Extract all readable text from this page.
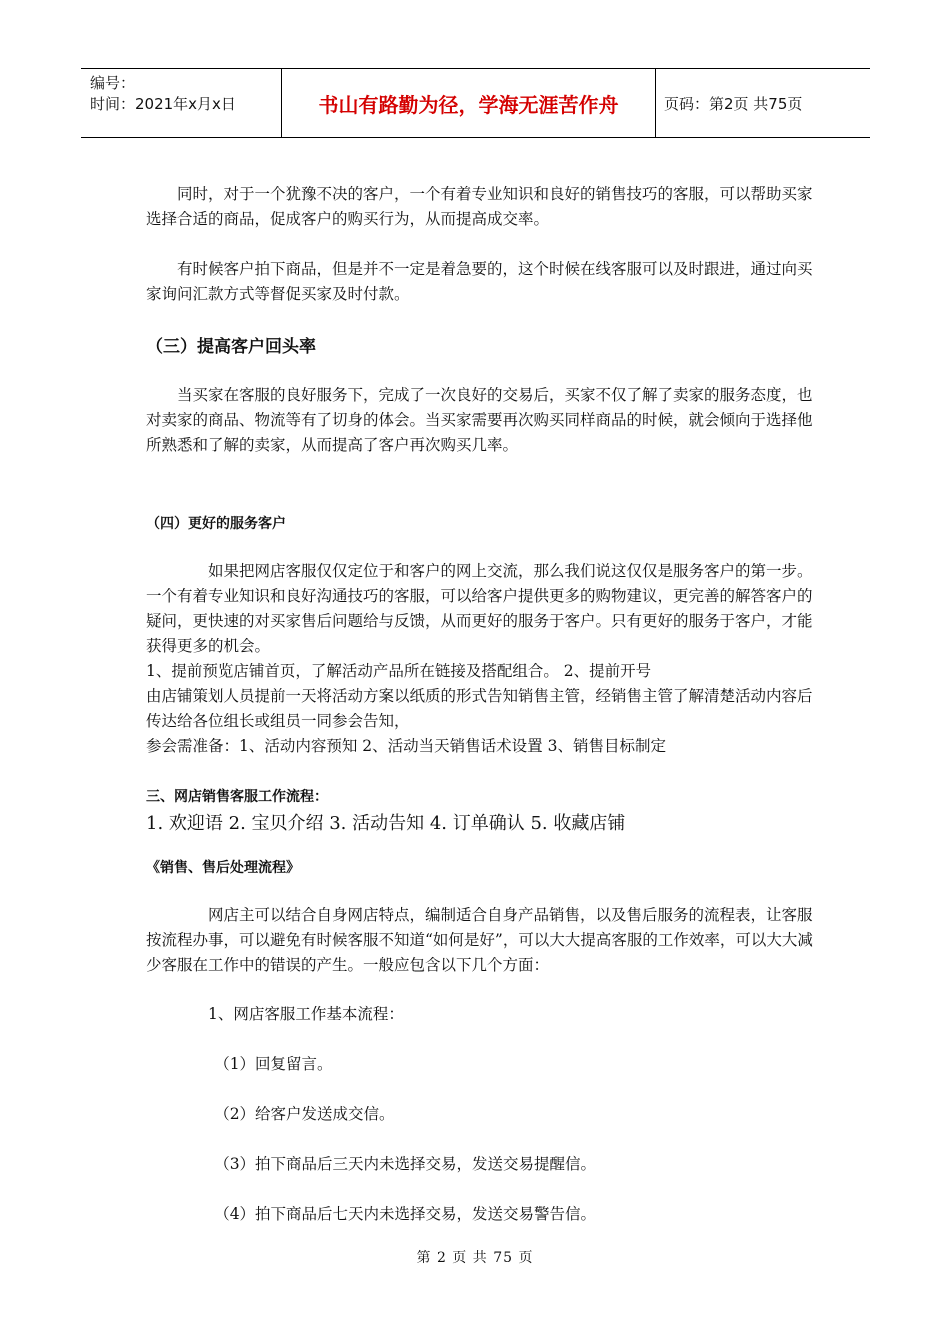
编号：
时间：2021年x月x日	书山有路勤为径，学海无涯苦作舟	页码：第2页 共75页

同时，对于一个犹豫不决的客户，一个有着专业知识和良好的销售技巧的客服，可以帮助买家选择合适的商品，促成客户的购买行为，从而提高成交率。

有时候客户拍下商品，但是并不一定是着急要的，这个时候在线客服可以及时跟进，通过向买家询问汇款方式等督促买家及时付款。

（三）提高客户回头率

当买家在客服的良好服务下，完成了一次良好的交易后，买家不仅了解了卖家的服务态度，也对卖家的商品、物流等有了切身的体会。当买家需要再次购买同样商品的时候，就会倾向于选择他所熟悉和了解的卖家，从而提高了客户再次购买几率。

（四）更好的服务客户

如果把网店客服仅仅定位于和客户的网上交流，那么我们说这仅仅是服务客户的第一步。一个有着专业知识和良好沟通技巧的客服，可以给客户提供更多的购物建议，更完善的解答客户的疑问，更快速的对买家售后问题给与反馈，从而更好的服务于客户。只有更好的服务于客户，才能获得更多的机会。

1、提前预览店铺首页，了解活动产品所在链接及搭配组合。 2、提前开号

由店铺策划人员提前一天将活动方案以纸质的形式告知销售主管，经销售主管了解清楚活动内容后传达给各位组长或组员一同参会告知，

参会需准备：1、活动内容预知 2、活动当天销售话术设置 3、销售目标制定

三、网店销售客服工作流程：

1. 欢迎语 2. 宝贝介绍 3. 活动告知 4. 订单确认 5. 收藏店铺

《销售、售后处理流程》

网店主可以结合自身网店特点，编制适合自身产品销售，以及售后服务的流程表，让客服按流程办事，可以避免有时候客服不知道“如何是好”，可以大大提高客服的工作效率，可以大大减少客服在工作中的错误的产生。一般应包含以下几个方面：

1、网店客服工作基本流程：

（1）回复留言。

（2）给客户发送成交信。

（3）拍下商品后三天内未选择交易，发送交易提醒信。

（4）拍下商品后七天内未选择交易，发送交易警告信。

第 2 页 共 75 页
